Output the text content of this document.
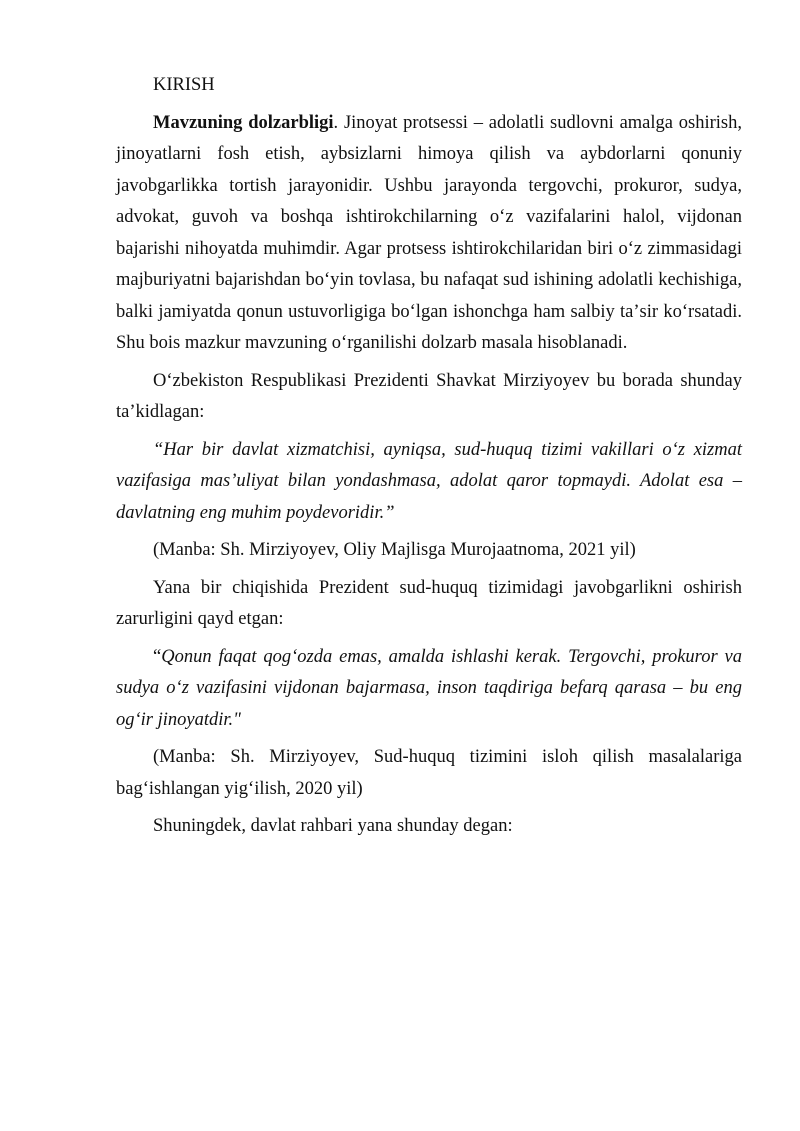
KIRISH

Mavzuning dolzarbligi. Jinoyat protsessi – adolatli sudlovni amalga oshirish, jinoyatlarni fosh etish, aybsizlarni himoya qilish va aybdorlarni qonuniy javobgarlikka tortish jarayonidir. Ushbu jarayonda tergovchi, prokuror, sudya, advokat, guvoh va boshqa ishtirokchilarning oʻz vazifalarini halol, vijdonan bajarishi nihoyatda muhimdir. Agar protsess ishtirokchilaridan biri oʻz zimmasidagi majburiyatni bajarishdan boʻyin tovlasa, bu nafaqat sud ishining adolatli kechishiga, balki jamiyatda qonun ustuvorligiga boʻlgan ishonchga ham salbiy taʼsir koʻrsatadi. Shu bois mazkur mavzuning oʻrganilishi dolzarb masala hisoblanadi.

Oʻzbekiston Respublikasi Prezidenti Shavkat Mirziyoyev bu borada shunday taʼkidlagan:

“Har bir davlat xizmatchisi, ayniqsa, sud-huquq tizimi vakillari oʻz xizmat vazifasiga masʼuliyat bilan yondashmasa, adolat qaror topmaydi. Adolat esa – davlatning eng muhim poydevoridir.”

(Manba: Sh. Mirziyoyev, Oliy Majlisga Murojaatnoma, 2021 yil)

Yana bir chiqishida Prezident sud-huquq tizimidagi javobgarlikni oshirish zarurligini qayd etgan:

“Qonun faqat qogʻozda emas, amalda ishlashi kerak. Tergovchi, prokuror va sudya oʻz vazifasini vijdonan bajarmasa, inson taqdiriga befarq qarasa – bu eng ogʻir jinoyatdir."

(Manba: Sh. Mirziyoyev, Sud-huquq tizimini isloh qilish masalalariga bagʻishlangan yigʻilish, 2020 yil)

Shuningdek, davlat rahbari yana shunday degan:
